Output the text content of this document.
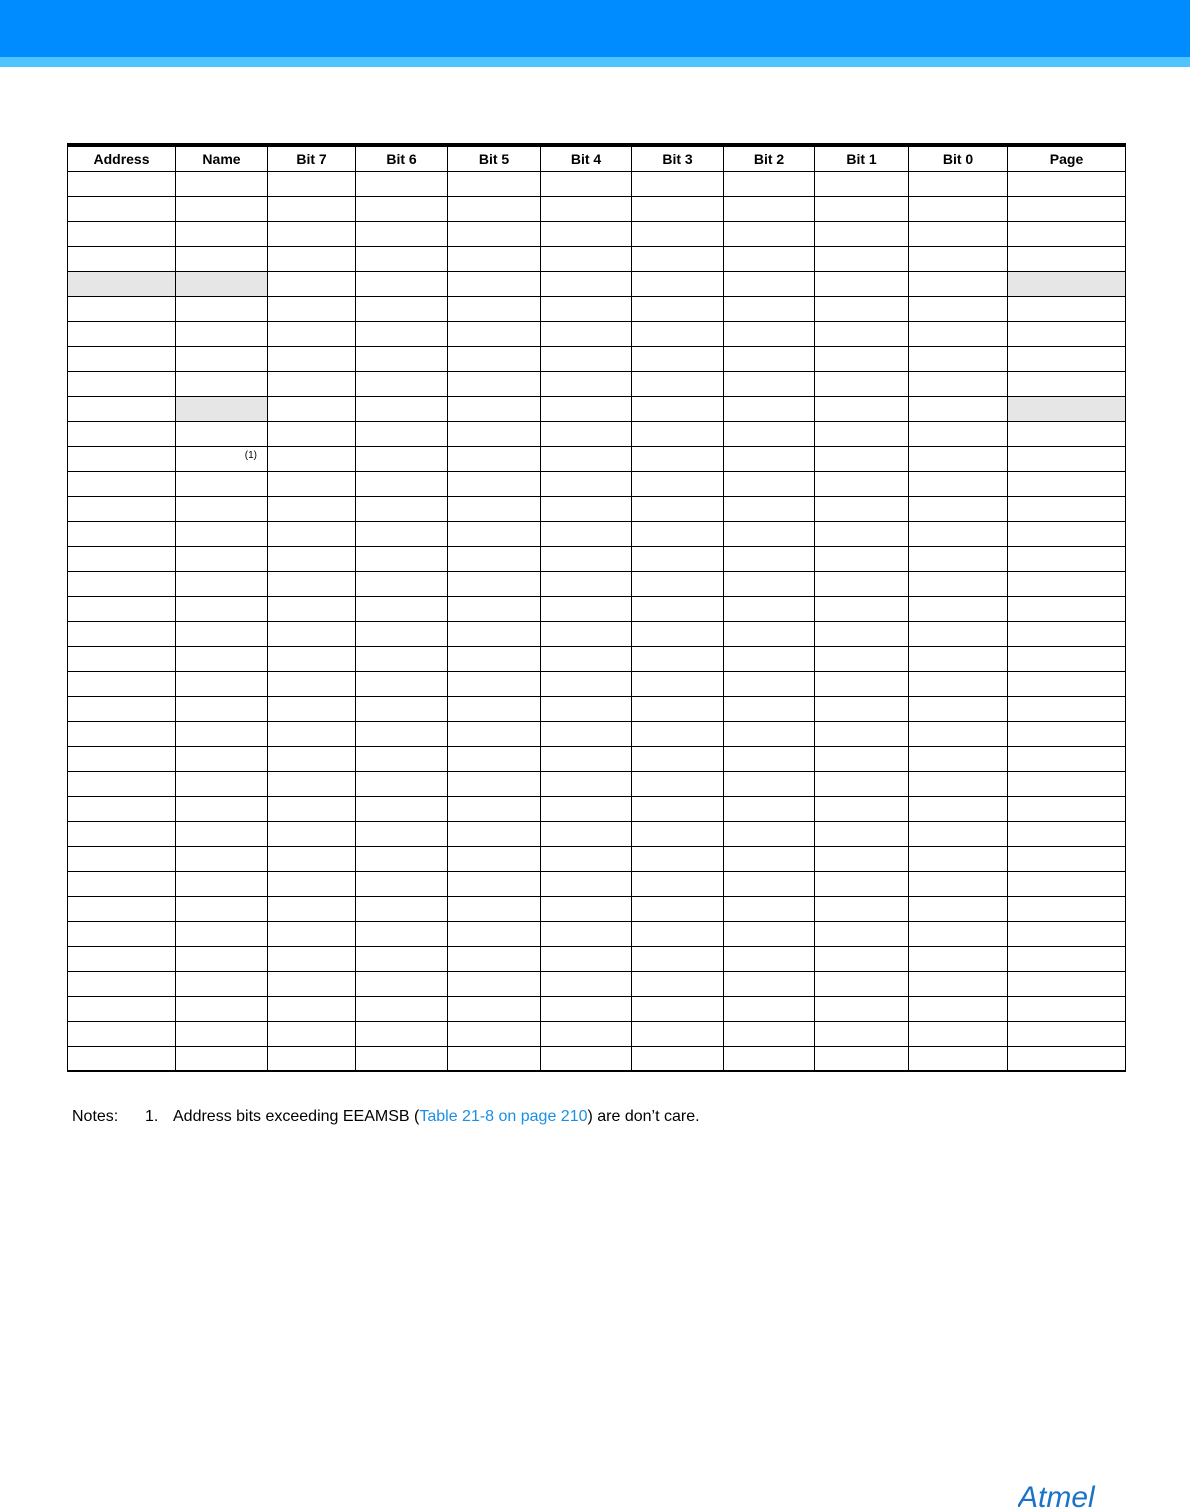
Address	Name	Bit 7	Bit 6	Bit 5	Bit 4	Bit 3	Bit 2	Bit 1	Bit 0	Page

	(1)									

Notes: 1. Address bits exceeding EEAMSB (Table 21-8 on page 210) are don’t care.
Atmel
